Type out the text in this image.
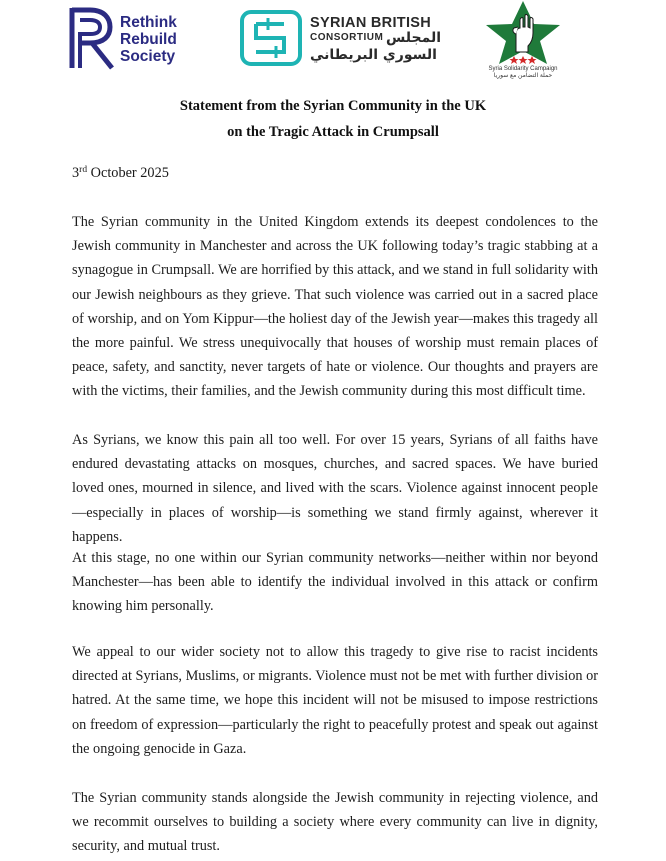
Rethink
Rebuild
Society
SYRIAN BRITISH
CONSORTIUM المجلس
السوري البريطاني
Syria Solidarity Campaign
حملة التضامن مع سوريا
Statement from the Syrian Community in the UK
on the Tragic Attack in Crumpsall
3rd October 2025

The Syrian community in the United Kingdom extends its deepest condolences to the Jewish community in Manchester and across the UK following today’s tragic stabbing at a synagogue in Crumpsall. We are horrified by this attack, and we stand in full solidarity with our Jewish neighbours as they grieve. That such violence was carried out in a sacred place of worship, and on Yom Kippur—the holiest day of the Jewish year—makes this tragedy all the more painful. We stress unequivocally that houses of worship must remain places of peace, safety, and sanctity, never targets of hate or violence. Our thoughts and prayers are with the victims, their families, and the Jewish community during this most difficult time.

As Syrians, we know this pain all too well. For over 15 years, Syrians of all faiths have endured devastating attacks on mosques, churches, and sacred spaces. We have buried loved ones, mourned in silence, and lived with the scars. Violence against innocent people—especially in places of worship—is something we stand firmly against, wherever it happens.

At this stage, no one within our Syrian community networks—neither within nor beyond Manchester—has been able to identify the individual involved in this attack or confirm knowing him personally.

We appeal to our wider society not to allow this tragedy to give rise to racist incidents directed at Syrians, Muslims, or migrants. Violence must not be met with further division or hatred. At the same time, we hope this incident will not be misused to impose restrictions on freedom of expression—particularly the right to peacefully protest and speak out against the ongoing genocide in Gaza.

The Syrian community stands alongside the Jewish community in rejecting violence, and we recommit ourselves to building a society where every community can live in dignity, security, and mutual trust.
